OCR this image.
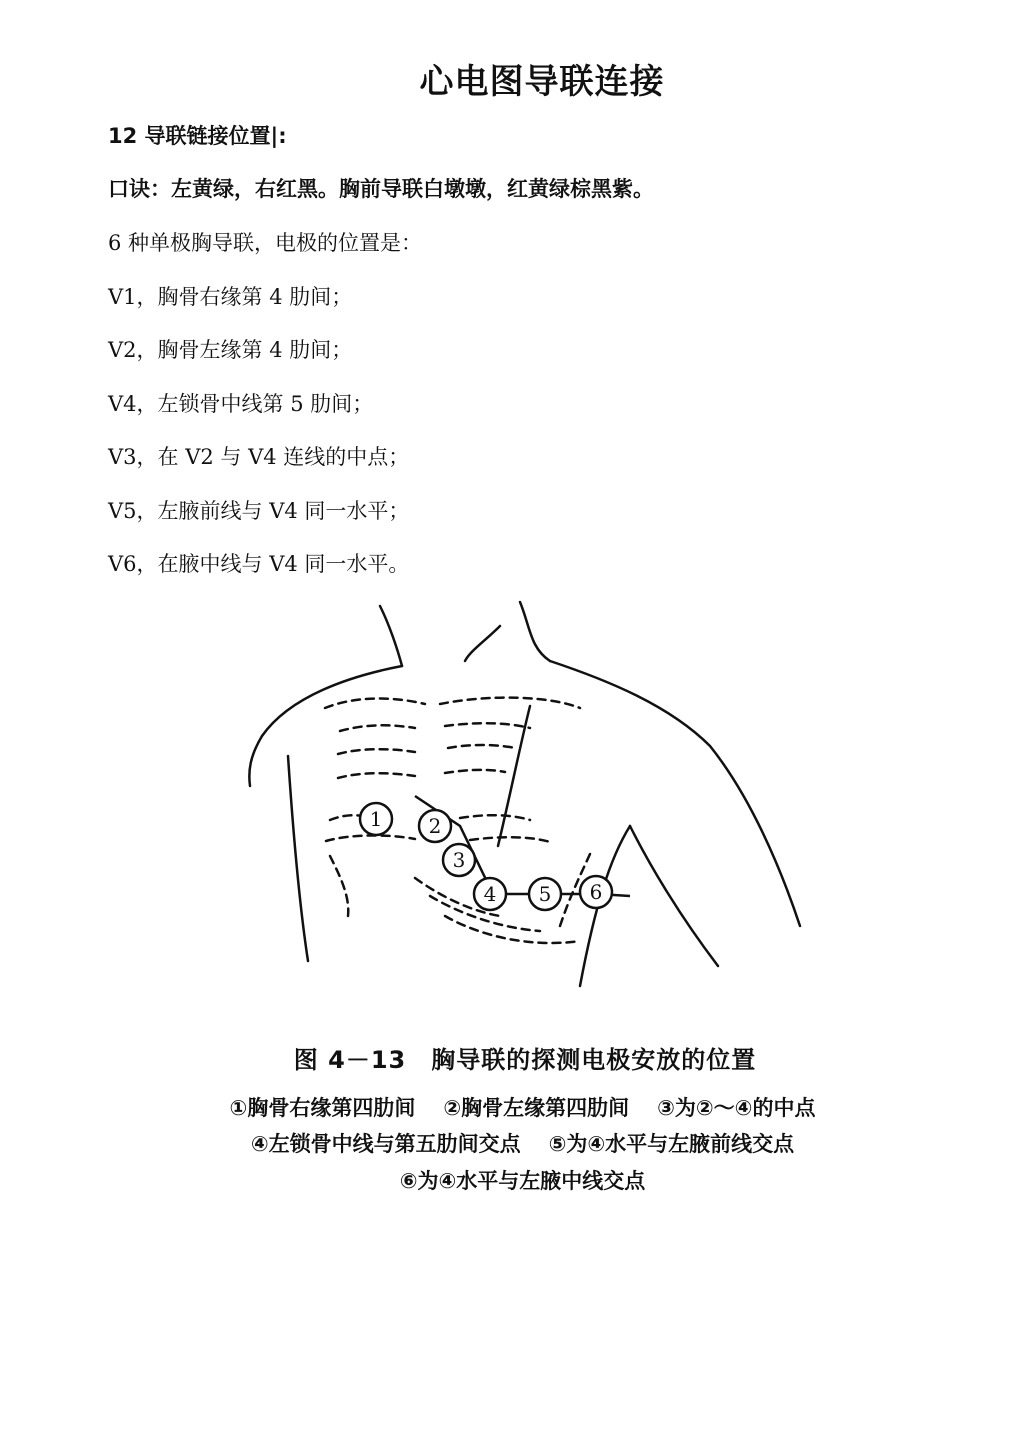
心电图导联连接
12 导联链接位置|:
口诀：左黄绿，右红黑。胸前导联白墩墩，红黄绿棕黑紫。
6 种单极胸导联，电极的位置是：
V1，胸骨右缘第 4 肋间；
V2，胸骨左缘第 4 肋间；
V4，左锁骨中线第 5 肋间；
V3，在 V2 与 V4 连线的中点；
V5，左腋前线与 V4 同一水平；
V6，在腋中线与 V4 同一水平。
1 2
3
4 5 6
图 4－13　胸导联的探测电极安放的位置
①胸骨右缘第四肋间 ②胸骨左缘第四肋间 ③为②～④的中点
④左锁骨中线与第五肋间交点 ⑤为④水平与左腋前线交点
⑥为④水平与左腋中线交点
